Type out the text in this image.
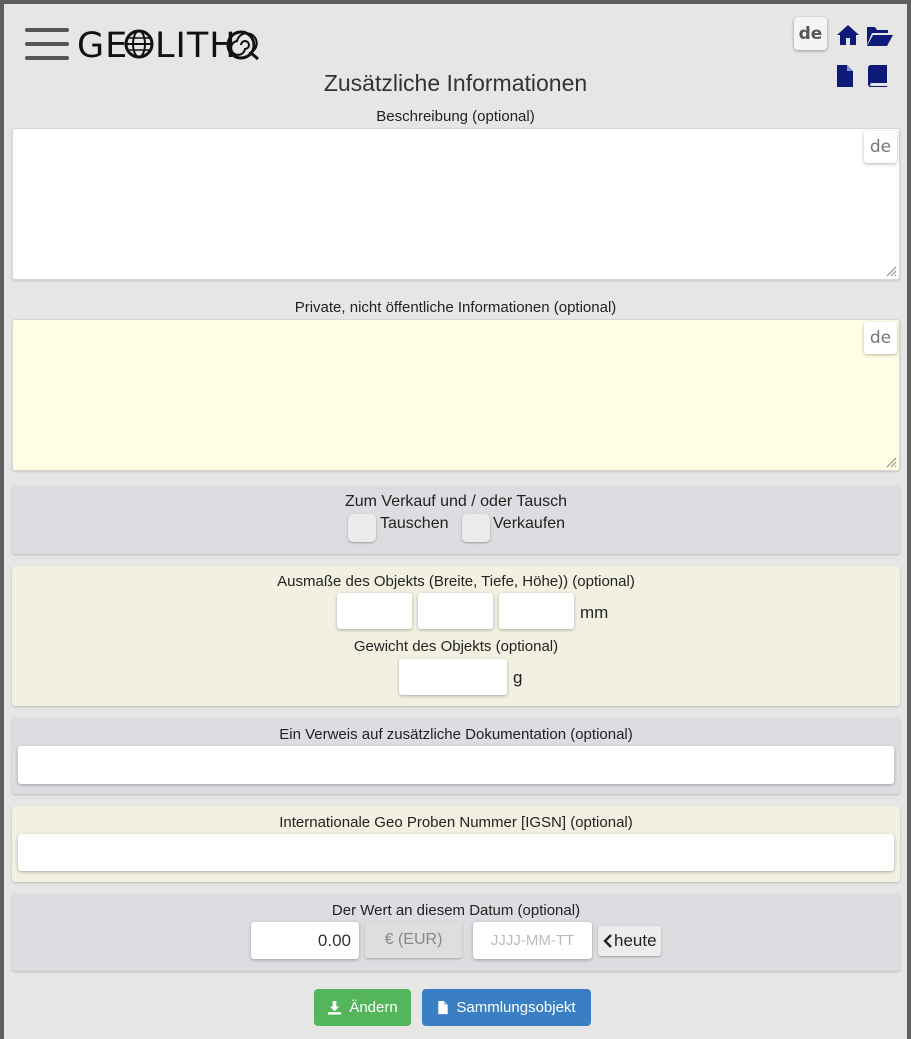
GE LITH	de
Zusätzliche Informationen
Beschreibung (optional)
de
Private, nicht öffentliche Informationen (optional)
de
Zum Verkauf und / oder Tausch
Tauschen	Verkaufen
Ausmaße des Objekts (Breite, Tiefe, Höhe)) (optional)
mm
Gewicht des Objekts (optional)
g
Ein Verweis auf zusätzliche Dokumentation (optional)
Internationale Geo Proben Nummer [IGSN] (optional)
Der Wert an diesem Datum (optional)
0.00	€ (EUR)	JJJJ-MM-TT	heute
Ändern	Sammlungsobjekt
